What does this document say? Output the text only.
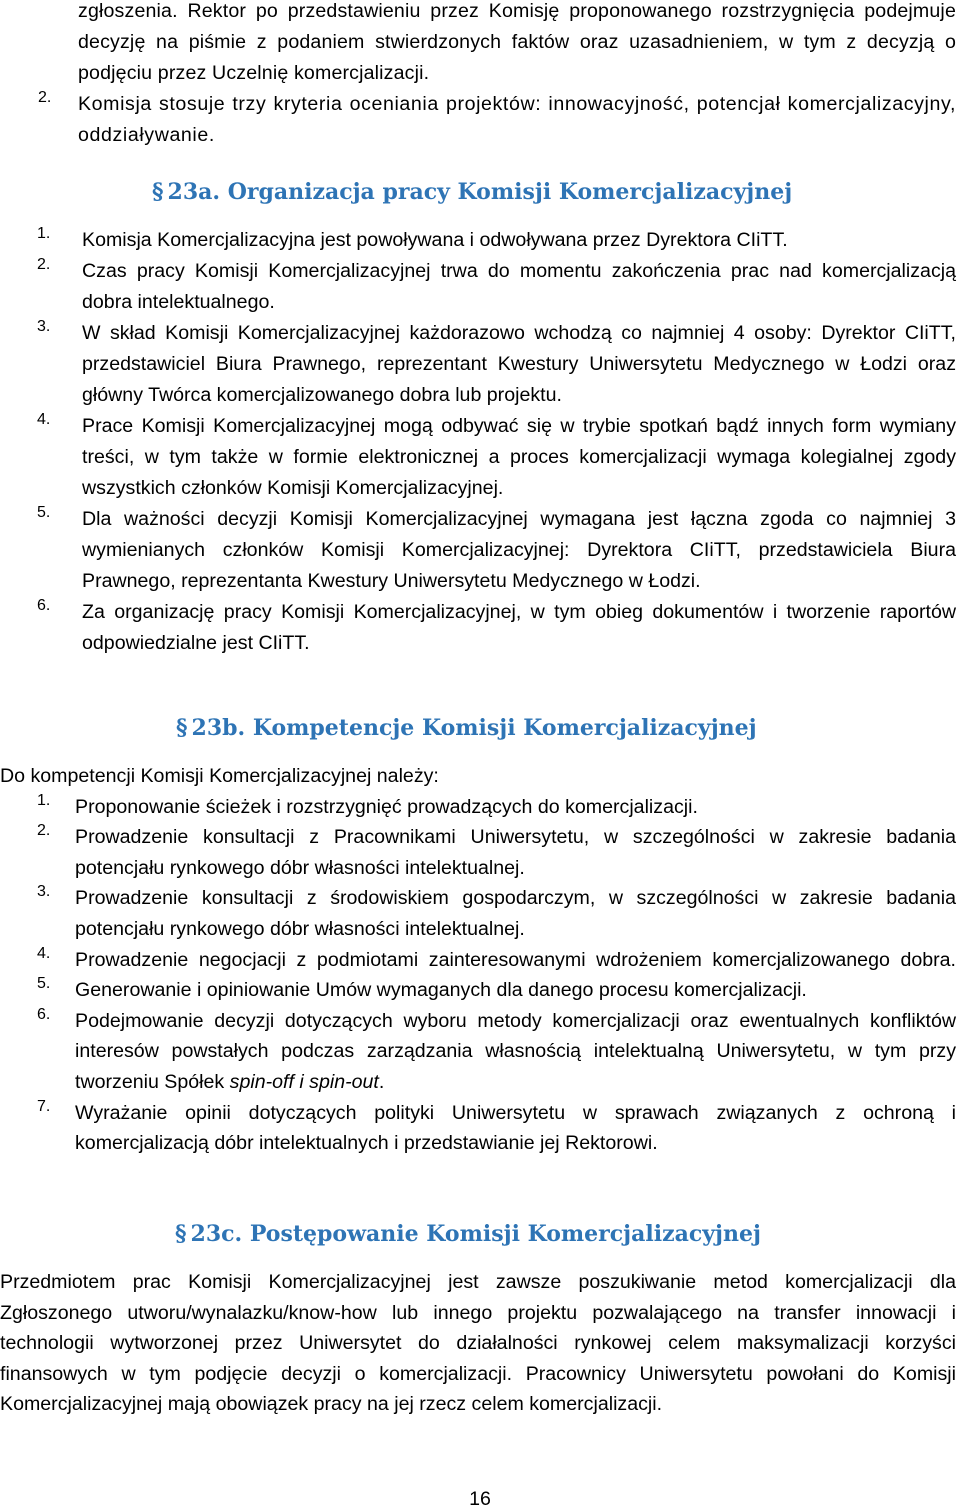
zgłoszenia. Rektor po przedstawieniu przez Komisję proponowanego rozstrzygnięcia podejmuje decyzję na piśmie z podaniem stwierdzonych faktów oraz uzasadnieniem, w tym z decyzją o podjęciu przez Uczelnię komercjalizacji.

2. Komisja stosuje trzy kryteria oceniania projektów: innowacyjność, potencjał komercjalizacyjny, oddziaływanie.

§ 23a. Organizacja pracy Komisji Komercjalizacyjnej
1. Komisja Komercjalizacyjna jest powoływana i odwoływana przez Dyrektora CIiTT.

2. Czas pracy Komisji Komercjalizacyjnej trwa do momentu zakończenia prac nad komercjalizacją dobra intelektualnego.

3. W skład Komisji Komercjalizacyjnej każdorazowo wchodzą co najmniej 4 osoby: Dyrektor CIiTT, przedstawiciel Biura Prawnego, reprezentant Kwestury Uniwersytetu Medycznego w Łodzi oraz główny Twórca komercjalizowanego dobra lub projektu.

4. Prace Komisji Komercjalizacyjnej mogą odbywać się w trybie spotkań bądź innych form wymiany treści, w tym także w formie elektronicznej a proces komercjalizacji wymaga kolegialnej zgody wszystkich członków Komisji Komercjalizacyjnej.

5. Dla ważności decyzji Komisji Komercjalizacyjnej wymagana jest łączna zgoda co najmniej 3 wymienianych członków Komisji Komercjalizacyjnej: Dyrektora CIiTT, przedstawiciela Biura Prawnego, reprezentanta Kwestury Uniwersytetu Medycznego w Łodzi.

6. Za organizację pracy Komisji Komercjalizacyjnej, w tym obieg dokumentów i tworzenie raportów odpowiedzialne jest CIiTT.

§ 23b. Kompetencje Komisji Komercjalizacyjnej

Do kompetencji Komisji Komercjalizacyjnej należy:

1. Proponowanie ścieżek i rozstrzygnięć prowadzących do komercjalizacji.

2. Prowadzenie konsultacji z Pracownikami Uniwersytetu, w szczególności w zakresie badania potencjału rynkowego dóbr własności intelektualnej.

3. Prowadzenie konsultacji z środowiskiem gospodarczym, w szczególności w zakresie badania potencjału rynkowego dóbr własności intelektualnej.

4. Prowadzenie negocjacji z podmiotami zainteresowanymi wdrożeniem komercjalizowanego dobra.

5. Generowanie i opiniowanie Umów wymaganych dla danego procesu komercjalizacji.

6. Podejmowanie decyzji dotyczących wyboru metody komercjalizacji oraz ewentualnych konfliktów interesów powstałych podczas zarządzania własnością intelektualną Uniwersytetu, w tym przy tworzeniu Spółek spin-off i spin-out.

7. Wyrażanie opinii dotyczących polityki Uniwersytetu w sprawach związanych z ochroną i komercjalizacją dóbr intelektualnych i przedstawianie jej Rektorowi.

§ 23c. Postępowanie Komisji Komercjalizacyjnej

Przedmiotem prac Komisji Komercjalizacyjnej jest zawsze poszukiwanie metod komercjalizacji dla Zgłoszonego utworu/wynalazku/know-how lub innego projektu pozwalającego na transfer innowacji i technologii wytworzonej przez Uniwersytet do działalności rynkowej celem maksymalizacji korzyści finansowych w tym podjęcie decyzji o komercjalizacji. Pracownicy Uniwersytetu powołani do Komisji Komercjalizacyjnej mają obowiązek pracy na jej rzecz celem komercjalizacji.

16
